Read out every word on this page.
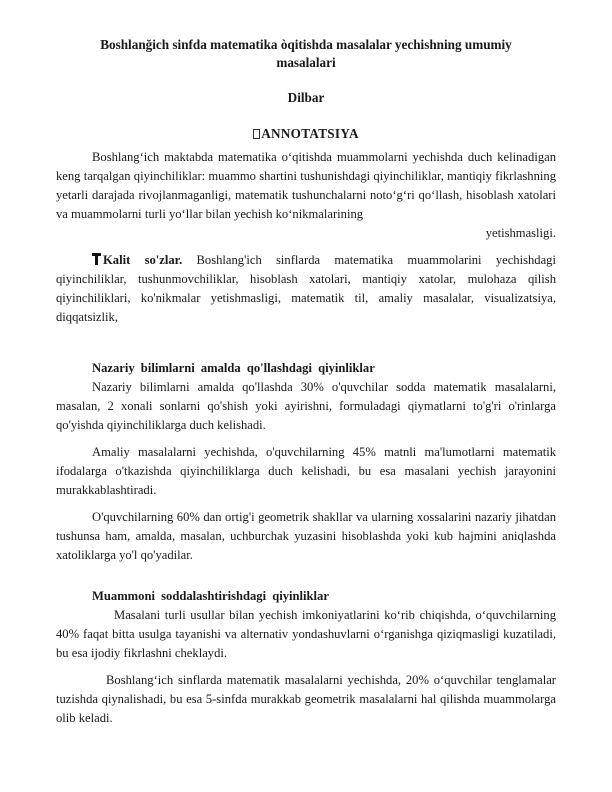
Boshlanğich sinfda matematika òqitishda masalalar yechishning umumiy masalalari
Dilbar
ANNOTATSIYA

Boshlang‘ich maktabda matematika o‘qitishda muammolarni yechishda duch kelinadigan keng tarqalgan qiyinchiliklar: muammo shartini tushunishdagi qiyinchiliklar, mantiqiy fikrlashning yetarli darajada rivojlanmaganligi, matematik tushunchalarni noto‘g‘ri qo‘llash, hisoblash xatolari va muammolarni turli yo‘llar bilan yechish ko‘nikmalarining

yetishmasligi.

Kalit so'zlar. Boshlang'ich sinflarda matematika muammolarini yechishdagi qiyinchiliklar, tushunmovchiliklar, hisoblash xatolari, mantiqiy xatolar, mulohaza qilish qiyinchiliklari, ko'nikmalar yetishmasligi, matematik til, amaliy masalalar, visualizatsiya, diqqatsizlik,

Nazariy bilimlarni amalda qo'llashdagi qiyinliklar

Nazariy bilimlarni amalda qo'llashda 30% o'quvchilar sodda matematik masalalarni, masalan, 2 xonali sonlarni qo'shish yoki ayirishni, formuladagi qiymatlarni to'g'ri o'rinlarga qo'yishda qiyinchiliklarga duch kelishadi.

Amaliy masalalarni yechishda, o'quvchilarning 45% matnli ma'lumotlarni matematik ifodalarga o'tkazishda qiyinchiliklarga duch kelishadi, bu esa masalani yechish jarayonini murakkablashtiradi.

O'quvchilarning 60% dan ortig'i geometrik shakllar va ularning xossalarini nazariy jihatdan tushunsa ham, amalda, masalan, uchburchak yuzasini hisoblashda yoki kub hajmini aniqlashda xatoliklarga yo'l qo'yadilar.

Muammoni soddalashtirishdagi qiyinliklar

Masalani turli usullar bilan yechish imkoniyatlarini ko‘rib chiqishda, o‘quvchilarning 40% faqat bitta usulga tayanishi va alternativ yondashuvlarni o‘rganishga qiziqmasligi kuzatiladi, bu esa ijodiy fikrlashni cheklaydi.

Boshlang‘ich sinflarda matematik masalalarni yechishda, 20% o‘quvchilar tenglamalar tuzishda qiynalishadi, bu esa 5-sinfda murakkab geometrik masalalarni hal qilishda muammolarga olib keladi.
